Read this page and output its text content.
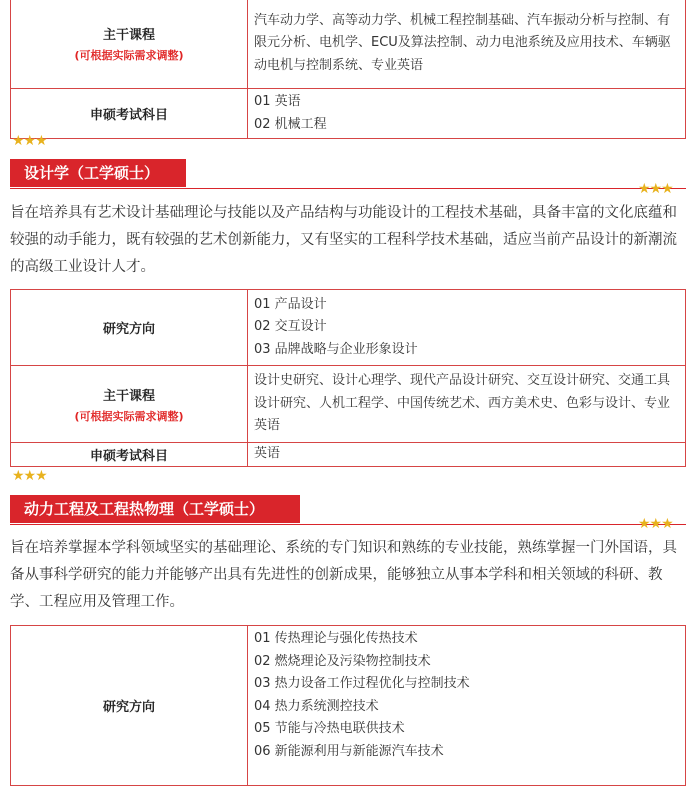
主干课程
(可根据实际需求调整)	汽车动力学、高等动力学、机械工程控制基础、汽车振动分析与控制、有限元分析、电机学、ECU及算法控制、动力电池系统及应用技术、车辆驱动电机与控制系统、专业英语
申硕考试科目	01 英语
02 机械工程
★★★
设计学（工学硕士）
★★★

旨在培养具有艺术设计基础理论与技能以及产品结构与功能设计的工程技术基础，具备丰富的文化底蕴和较强的动手能力，既有较强的艺术创新能力，又有坚实的工程科学技术基础，适应当前产品设计的新潮流的高级工业设计人才。

研究方向	01 产品设计
02 交互设计
03 品牌战略与企业形象设计

主干课程
(可根据实际需求调整)	设计史研究、设计心理学、现代产品设计研究、交互设计研究、交通工具设计研究、人机工程学、中国传统艺术、西方美术史、色彩与设计、专业英语
申硕考试科目	英语
★★★
动力工程及工程热物理（工学硕士）
★★★

旨在培养掌握本学科领域坚实的基础理论、系统的专门知识和熟练的专业技能，熟练掌握一门外国语，具备从事科学研究的能力并能够产出具有先进性的创新成果，能够独立从事本学科和相关领域的科研、教学、工程应用及管理工作。

研究方向	
01 传热理论与强化传热技术
02 燃烧理论及污染物控制技术
03 热力设备工作过程优化与控制技术
04 热力系统测控技术
05 节能与冷热电联供技术
06 新能源利用与新能源汽车技术
